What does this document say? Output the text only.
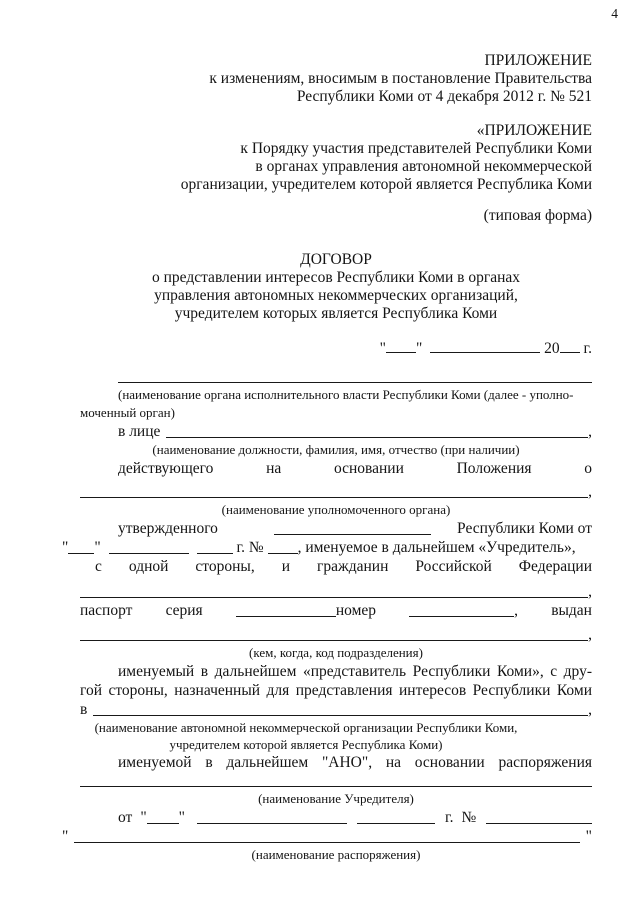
4
ПРИЛОЖЕНИЕ
к изменениям, вносимым в постановление Правительства
Республики Коми от 4 декабря 2012 г. № 521
«ПРИЛОЖЕНИЕ
к Порядку участия представителей Республики Коми
в органах управления автономной некоммерческой
организации, учредителем которой является Республика Коми
(типовая форма)
ДОГОВОР
о представлении интересов Республики Коми в органах
управления автономных некоммерческих организаций,
учредителем которых является Республика Коми
" "	20 г.
(наименование органа исполнительного власти Республики Коми (далее - уполно-
моченный орган)
в лице	,
(наименование должности, фамилия, имя, отчество (при наличии)
действующего на основании Положения о
,
(наименование уполномоченного органа)
утвержденного	Республики Коми от
" "	г. № , именуемое в дальнейшем «Учредитель»,
с одной стороны, и гражданин Российской Федерации
,
паспорт серия	номер	, выдан
,
(кем, когда, код подразделения)
именуемый в дальнейшем «представитель Республики Коми», с дру-
гой стороны, назначенный для представления интересов Республики Коми
в	,
(наименование автономной некоммерческой организации Республики Коми,
учредителем которой является Республика Коми)
именуемой в дальнейшем "АНО", на основании распоряжения
(наименование Учредителя)
от " "	г. №
"	"
(наименование распоряжения)
